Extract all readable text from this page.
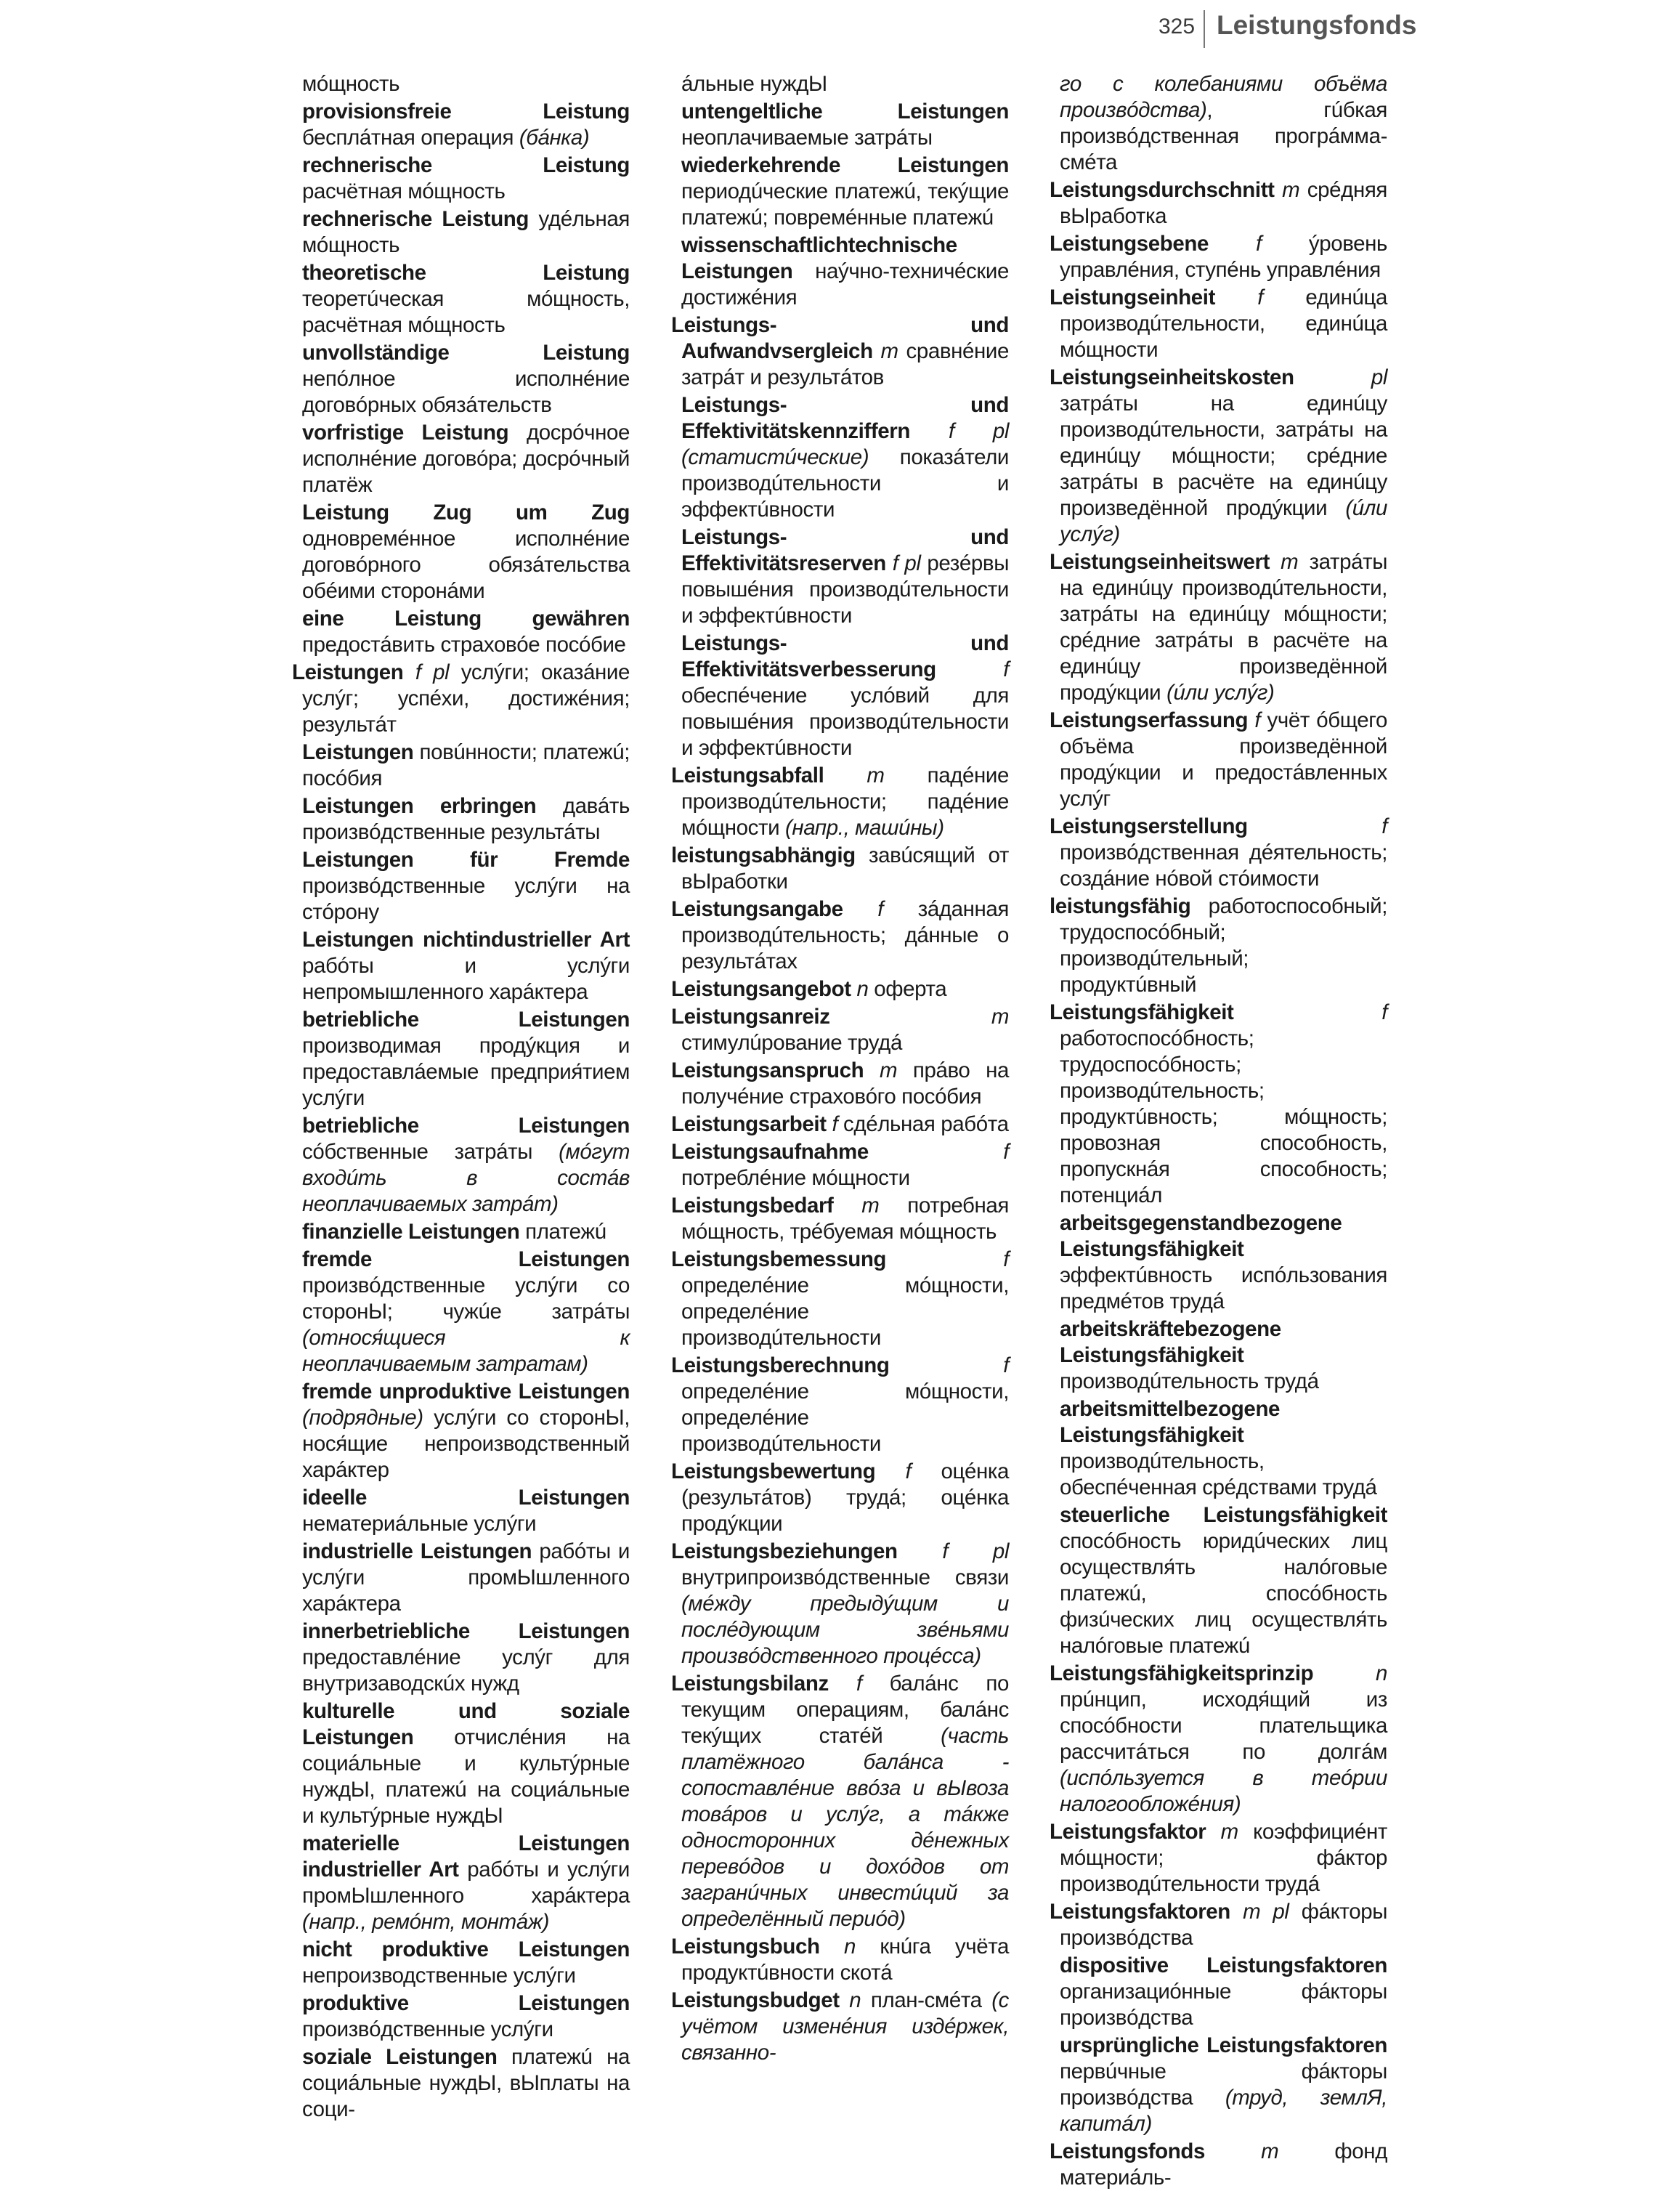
325 Leistungsfonds

мóщность

provisionsfreie Leistung бесплáтная операция (бáнка)

rechnerische Leistung расчётная мóщность

rechnerische Leistung удéльная мóщность

theoretische Leistung теоретúческая мóщность, расчётная мóщность

unvollständige Leistung непóлное исполнéние договóрных обязáтельств

vorfristige Leistung досрóчное исполнéние договóра; досрóчный платёж

Leistung Zug um Zug одновремéнное исполнéние договóрного обязáтельства обéими сторонáми

eine Leistung gewähren предостáвить страховóе посóбие

Leistungen f pl услýги; оказáние услýг; успéхи, достижéния; результáт

Leistungen повúнности; платежú; посóбия

Leistungen erbringen давáть произвóдственные результáты

Leistungen für Fremde произвóдственные услýги на стóрону

Leistungen nichtindustrieller Art рабóты и услýги непромышленного харáктера

betriebliche Leistungen производимая продýкция и предоставлáемые предприя́тием услýги

betriebliche Leistungen сóбственные затрáты (мóгут входúть в состáв неоплачиваемых затрáт)

finanzielle Leistungen платежú

fremde Leistungen произвóдственные услýги со сторонЫ; чужúе затрáты (относя́щиеся к неоплачиваемым затратам)

fremde unproduktive Leistungen (подрядные) услýги со сторонЫ, нося́щие непроизводственный харáктер

ideelle Leistungen нематериáльные услýги

industrielle Leistungen рабóты и услýги промЫшленного харáктера

innerbetriebliche Leistungen предоставлéние услýг для внутризаводскúх нужд

kulturelle und soziale Leistungen отчислéния на социáльные и культýрные нуждЫ, платежú на социáльные и культýрные нуждЫ

materielle Leistungen industrieller Art рабóты и услýги промЫшленного харáктера (напр., ремóнт, монтáж)

nicht produktive Leistungen непроизводственные услýги

produktive Leistungen произвóдственные услýги

soziale Leistungen платежú на социáльные нуждЫ, вЫплаты на соци-

áльные нуждЫ

untengeltliche Leistungen неоплачиваемые затрáты

wiederkehrende Leistungen периодúческие платежú, текýщие платежú; повремéнные платежú

wissenschaftlichtechnische Leistungen наýчно-техничéские достижéния

Leistungs- und Aufwandvsergleich m сравнéние затрáт и результáтов

Leistungs- und Effektivitätskennziffern f pl (статистúческие) показáтели производúтельности и эффектúвности

Leistungs- und Effektivitätsreserven f pl резéрвы повышéния производúтельности и эффектúвности

Leistungs- und Effektivitätsverbesserung	f обеспéчение услóвий для повышéния производúтельности и эффектúвности

Leistungsabfall m падéние производúтельности; падéние мóщности (напр., машúны)

leistungsabhängig завúсящий от вЫработки

Leistungsangabe f зáданная производúтельность; дáнные о результáтах

Leistungsangebot n оферта

Leistungsanreiz	m стимулúрование трудá

Leistungsanspruch m прáво на получéние страховóго посóбия

Leistungsarbeit f сдéльная рабóта

Leistungsaufnahme	f потреблéние мóщности

Leistungsbedarf m потребная мóщность, трéбуемая мóщность

Leistungsbemessung	f определéние мóщности, определéние производúтельности

Leistungsberechnung	f определéние мóщности, определéние производúтельности

Leistungsbewertung f оцéнка (результáтов) трудá; оцéнка продýкции

Leistungsbeziehungen f pl внутрипроизвóдственные связи (мéжду предыдýщим и послéдующим звéньями произвóдственного процéсса)

Leistungsbilanz f балáнс по текущим операциям, балáнс текýщих статéй	(часть платёжного балáнса - сопоставлéние ввóза и вЫвоза товáров и услýг, а тáкже односторонних дéнежных перевóдов и дохóдов от загранúчных инвестúций за определённый периóд)

Leistungsbuch n кнúга учёта продуктúвности скотá

Leistungsbudget n план-смéта (с учётом изменéния издéржек, связанно-

го с колебаниями объёма произвóдства), гúбкая произвóдственная прогрáмма-смéта

Leistungsdurchschnitt m срéдняя вЫработка

Leistungsebene f ýровень управлéния, ступéнь управлéния

Leistungseinheit f единúца производúтельности, единúца мóщности

Leistungseinheitskosten	pl затрáты на единúцу производúтельности, затрáты на единúцу мóщности; срéдние затрáты в расчёте на единúцу произведённой продýкции (úли услýг)

Leistungseinheitswert m затрáты на единúцу производúтельности, затрáты на единúцу мóщности; срéдние затрáты в расчёте на единúцу произведённой продýкции (úли услýг)

Leistungserfassung f учёт óбщего объёма произведённой продýкции и предостáвленных услýг

Leistungserstellung	f произвóдственная дéятельность; создáние нóвой стóимости

leistungsfähig работоспособный; трудоспосóбный; производúтельный; продуктúвный

Leistungsfähigkeit	f работоспосóбность; трудоспосóбность; производúтельность; продуктúвность; мóщность; провозная способность, пропускнáя способность; потенциáл

arbeitsgegenstandbezogene Leistungsfähigkeit эффектúвность испóльзования предмéтов трудá

arbeitskräftebezogene Leistungsfähigkeit производúтельность трудá

arbeitsmittelbezogene Leistungsfähigkeit производúтельность, обеспéченная срéдствами трудá

steuerliche Leistungsfähigkeit спосóбность юридúческих лиц осуществля́ть налóговые платежú, спосóбность физúческих лиц осуществля́ть налóговые платежú

Leistungsfähigkeitsprinzip	n прúнцип, исходя́щий из спосóбности плательщика рассчитáться по долгáм (испóльзуется в теóрии налогообложéния)

Leistungsfaktor m коэффициéнт мóщности; фáктор производúтельности трудá

Leistungsfaktoren m pl фáкторы произвóдства

dispositive Leistungsfaktoren организациóнные фáкторы произвóдства

ursprüngliche Leistungsfaktoren первúчные фáкторы произвóдства (труд, землЯ, капитáл)

Leistungsfonds	m	фонд материáль-
